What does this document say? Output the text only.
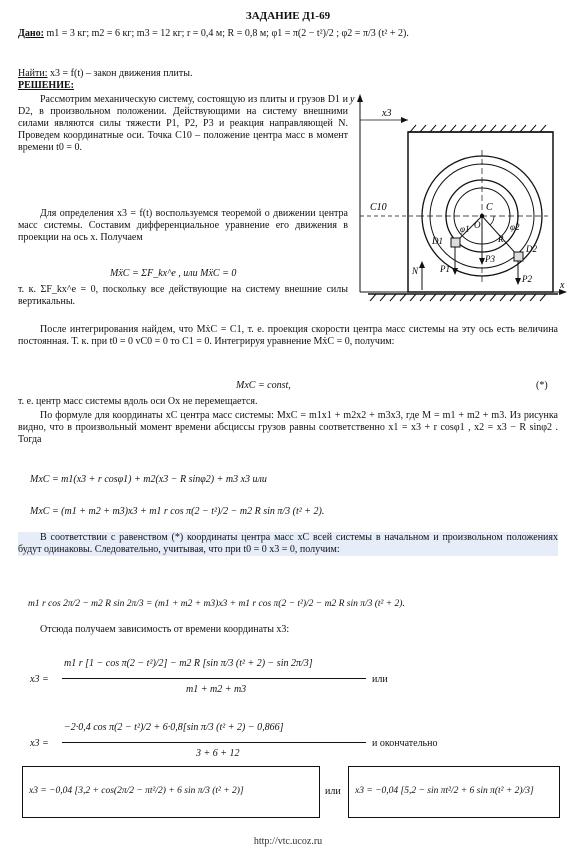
ЗАДАНИЕ Д1-69
Дано: m1 = 3 кг; m2 = 6 кг; m3 = 12 кг; r = 0,4 м; R = 0,8 м; φ1 = π(2 − t²)/2 ; φ2 = π/3 (t² + 2).
Найти: x3 = f(t) – закон движения плиты.
РЕШЕНИЕ:
Рассмотрим механическую систему, состоящую из плиты и грузов D1 и D2, в произвольном положении. Действующими на систему внешними силами являются силы тяжести P1, P2, P3 и реакция направляющей N. Проведем координатные оси. Точка C10 – положение центра масс в момент времени t0 = 0.
Для определения x3 = f(t) воспользуемся теоремой о движении центра масс системы. Составим дифференциальное уравнение его движения в проекции на ось x. Получаем
MẍC = ΣF_kx^e , или MẍC = 0
т. к. ΣF_kx^e = 0, поскольку все действующие на систему внешние силы вертикальны.
y
x
x3
C10	C
O
R
φ1	φ2
D1
D2
P1
P2
P3
N
После интегрирования найдем, что MẋC = C1, т. е. проекция скорости центра масс системы на эту ось есть величина постоянная. Т. к. при t0 = 0 vC0 = 0 то C1 = 0. Интегрируя уравнение MẋC = 0, получим:
MxC = const,	(*)
т. е. центр масс системы вдоль оси Ox не перемещается.
По формуле для координаты xC центра масс системы: MxC = m1x1 + m2x2 + m3x3, где M = m1 + m2 + m3. Из рисунка видно, что в произвольный момент времени абсциссы грузов равны соответственно x1 = x3 + r cosφ1 , x2 = x3 − R sinφ2 . Тогда
MxC = m1(x3 + r cosφ1) + m2(x3 − R sinφ2) + m3 x3 или
MxC = (m1 + m2 + m3)x3 + m1 r cos π(2 − t²)/2 − m2 R sin π/3 (t² + 2).
В соответствии с равенством (*) координаты центра масс xC всей системы в начальном и произвольном положениях будут одинаковы. Следовательно, учитывая, что при t0 = 0 x3 = 0, получим:
m1 r cos 2π/2 − m2 R sin 2π/3 = (m1 + m2 + m3)x3 + m1 r cos π(2 − t²)/2 − m2 R sin π/3 (t² + 2).
Отсюда получаем зависимость от времени координаты x3:
x3 =
m1 r [1 − cos π(2 − t²)/2] − m2 R [sin π/3 (t² + 2) − sin 2π/3]
m1 + m2 + m3
или
x3 =
−2·0,4 cos π(2 − t²)/2 + 6·0,8[sin π/3 (t² + 2) − 0,866]
3 + 6 + 12
и окончательно
x3 = −0,04 [3,2 + cos(2π/2 − πt²/2) + 6 sin π/3 (t² + 2)]	или x3 = −0,04 [5,2 − sin πt²/2 + 6 sin π(t² + 2)/3]
http://vtc.ucoz.ru
